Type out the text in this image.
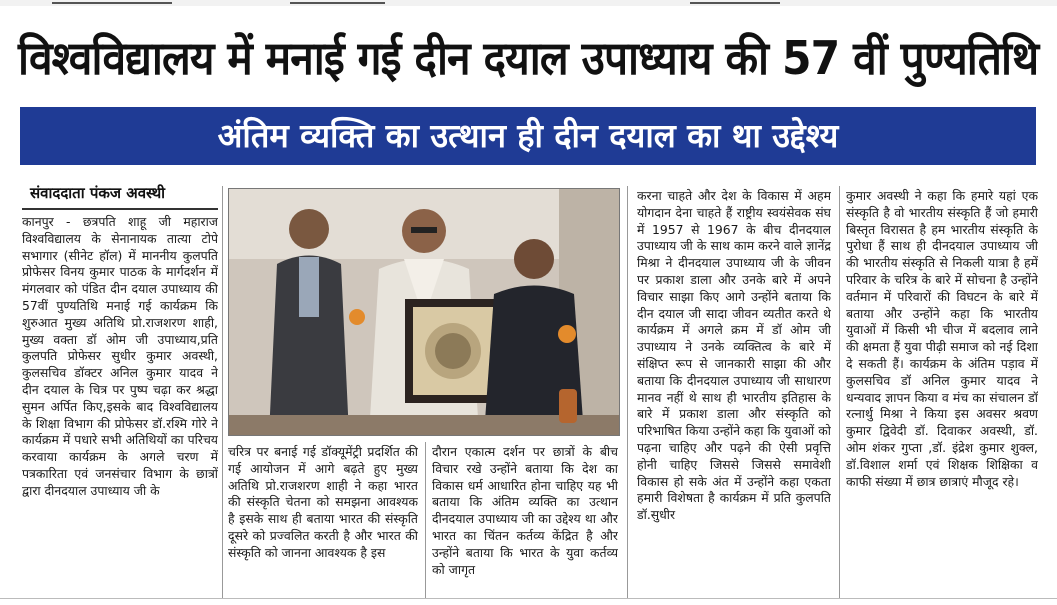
विश्वविद्यालय में मनाई गई दीन दयाल उपाध्याय की 57 वीं पुण्यतिथि
अंतिम व्यक्ति का उत्थान ही दीन दयाल का था उद्देश्य
संवाददाता पंकज अवस्थी

कानपुर - छत्रपति शाहू जी महाराज विश्वविद्यालय के सेनानायक तात्या टोपे सभागार (सीनेट हॉल) में माननीय कुलपति प्रोफेसर विनय कुमार पाठक के मार्गदर्शन में मंगलवार को पंडित दीन दयाल उपाध्याय की 57वीं पुण्यतिथि मनाई गई कार्यक्रम कि शुरुआत मुख्य अतिथि प्रो.राजशरण शाही, मुख्य वक्ता डॉ ओम जी उपाध्याय,प्रति कुलपति प्रोफेसर सुधीर कुमार अवस्थी, कुलसचिव डॉक्टर अनिल कुमार यादव ने दीन दयाल के चित्र पर पुष्प चढ़ा कर श्रद्धा सुमन अर्पित किए,इसके बाद विश्वविद्यालय के शिक्षा विभाग की प्रोफेसर डॉ.रश्मि गोरे ने कार्यक्रम में पधारे सभी अतिथियों का परिचय करवाया कार्यक्रम के अगले चरण में पत्रकारिता एवं जनसंचार विभाग के छात्रों द्वारा दीनदयाल उपाध्याय जी के

चरित्र पर बनाई गई डॉक्यूमेंट्री प्रदर्शित की गई आयोजन में आगे बढ़ते हुए मुख्य अतिथि प्रो.राजशरण शाही ने कहा भारत की संस्कृति चेतना को समझना आवश्यक है इसके साथ ही बताया भारत की संस्कृति दूसरे को प्रज्वलित करती है और भारत की संस्कृति को जानना आवश्यक है इस

दौरान एकात्म दर्शन पर छात्रों के बीच विचार रखे उन्होंने बताया कि देश का विकास धर्म आधारित होना चाहिए यह भी बताया कि अंतिम व्यक्ति का उत्थान दीनदयाल उपाध्याय जी का उद्देश्य था और भारत का चिंतन कर्तव्य केंद्रित है और उन्होंने बताया कि भारत के युवा कर्तव्य को जागृत

करना चाहते और देश के विकास में अहम योगदान देना चाहते हैं राष्ट्रीय स्वयंसेवक संघ में 1957 से 1967 के बीच दीनदयाल उपाध्याय जी के साथ काम करने वाले ज्ञानेंद्र मिश्रा ने दीनदयाल उपाध्याय जी के जीवन पर प्रकाश डाला और उनके बारे में अपने विचार साझा किए आगे उन्होंने बताया कि दीन दयाल जी सादा जीवन व्यतीत करते थे कार्यक्रम में अगले क्रम में डॉ ओम जी उपाध्याय ने उनके व्यक्तित्व के बारे में संक्षिप्त रूप से जानकारी साझा की और बताया कि दीनदयाल उपाध्याय जी साधारण मानव नहीं थे साथ ही भारतीय इतिहास के बारे में प्रकाश डाला और संस्कृति को परिभाषित किया उन्होंने कहा कि युवाओं को पढ़ना चाहिए और पढ़ने की ऐसी प्रवृत्ति होनी चाहिए जिससे जिससे समावेशी विकास हो सके अंत में उन्होंने कहा एकता हमारी विशेषता है कार्यक्रम में प्रति कुलपति डॉ.सुधीर

कुमार अवस्थी ने कहा कि हमारे यहां एक संस्कृति है वो भारतीय संस्कृति हैं जो हमारी बिस्तृत विरासत है हम भारतीय संस्कृति के पुरोधा हैं साथ ही दीनदयाल उपाध्याय जी की भारतीय संस्कृति से निकली यात्रा है हमें परिवार के चरित्र के बारे में सोचना है उन्होंने वर्तमान में परिवारों की विघटन के बारे में बताया और उन्होंने कहा कि भारतीय युवाओं में किसी भी चीज में बदलाव लाने की क्षमता हैं युवा पीढ़ी समाज को नई दिशा दे सकती हैं। कार्यक्रम के अंतिम पड़ाव में कुलसचिव डॉ अनिल कुमार यादव ने धन्यवाद ज्ञापन किया व मंच का संचालन डॉ रत्नार्थु मिश्रा ने किया इस अवसर श्रवण कुमार द्विवेदी डॉ. दिवाकर अवस्थी, डॉ. ओम शंकर गुप्ता ,डॉ. इंद्रेश कुमार शुक्ल, डॉ.विशाल शर्मा एवं शिक्षक शिक्षिका व काफी संख्या में छात्र छात्राएं मौजूद रहे।
